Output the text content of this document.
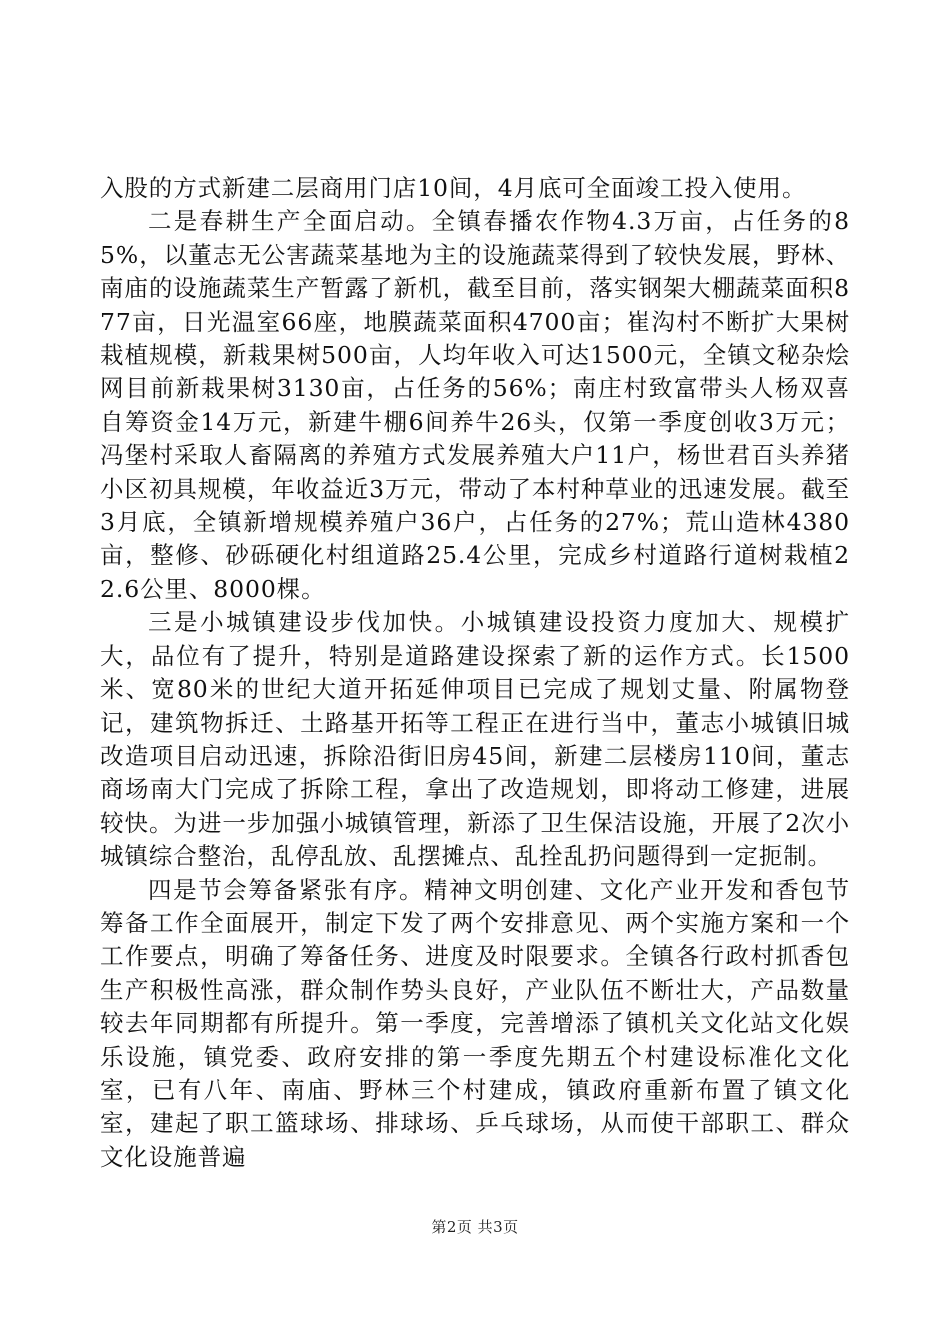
入股的方式新建二层商用门店10间，4月底可全面竣工投入使用。

二是春耕生产全面启动。全镇春播农作物4.3万亩，占任务的85%，以董志无公害蔬菜基地为主的设施蔬菜得到了较快发展，野林、南庙的设施蔬菜生产暂露了新机，截至目前，落实钢架大棚蔬菜面积877亩，日光温室66座，地膜蔬菜面积4700亩；崔沟村不断扩大果树栽植规模，新栽果树500亩，人均年收入可达1500元，全镇文秘杂烩网目前新栽果树3130亩，占任务的56%；南庄村致富带头人杨双喜自筹资金14万元，新建牛棚6间养牛26头，仅第一季度创收3万元；冯堡村采取人畜隔离的养殖方式发展养殖大户11户，杨世君百头养猪小区初具规模，年收益近3万元，带动了本村种草业的迅速发展。截至3月底，全镇新增规模养殖户36户，占任务的27%；荒山造林4380亩，整修、砂砾硬化村组道路25.4公里，完成乡村道路行道树栽植22.6公里、8000棵。

三是小城镇建设步伐加快。小城镇建设投资力度加大、规模扩大，品位有了提升，特别是道路建设探索了新的运作方式。长1500米、宽80米的世纪大道开拓延伸项目已完成了规划丈量、附属物登记，建筑物拆迁、土路基开拓等工程正在进行当中，董志小城镇旧城改造项目启动迅速，拆除沿街旧房45间，新建二层楼房110间，董志商场南大门完成了拆除工程，拿出了改造规划，即将动工修建，进展较快。为进一步加强小城镇管理，新添了卫生保洁设施，开展了2次小城镇综合整治，乱停乱放、乱摆摊点、乱拴乱扔问题得到一定扼制。

四是节会筹备紧张有序。精神文明创建、文化产业开发和香包节筹备工作全面展开，制定下发了两个安排意见、两个实施方案和一个工作要点，明确了筹备任务、进度及时限要求。全镇各行政村抓香包生产积极性高涨，群众制作势头良好，产业队伍不断壮大，产品数量较去年同期都有所提升。第一季度，完善增添了镇机关文化站文化娱乐设施，镇党委、政府安排的第一季度先期五个村建设标准化文化室，已有八年、南庙、野林三个村建成，镇政府重新布置了镇文化室，建起了职工篮球场、排球场、乒乓球场，从而使干部职工、群众文化设施普遍

第2页 共3页
